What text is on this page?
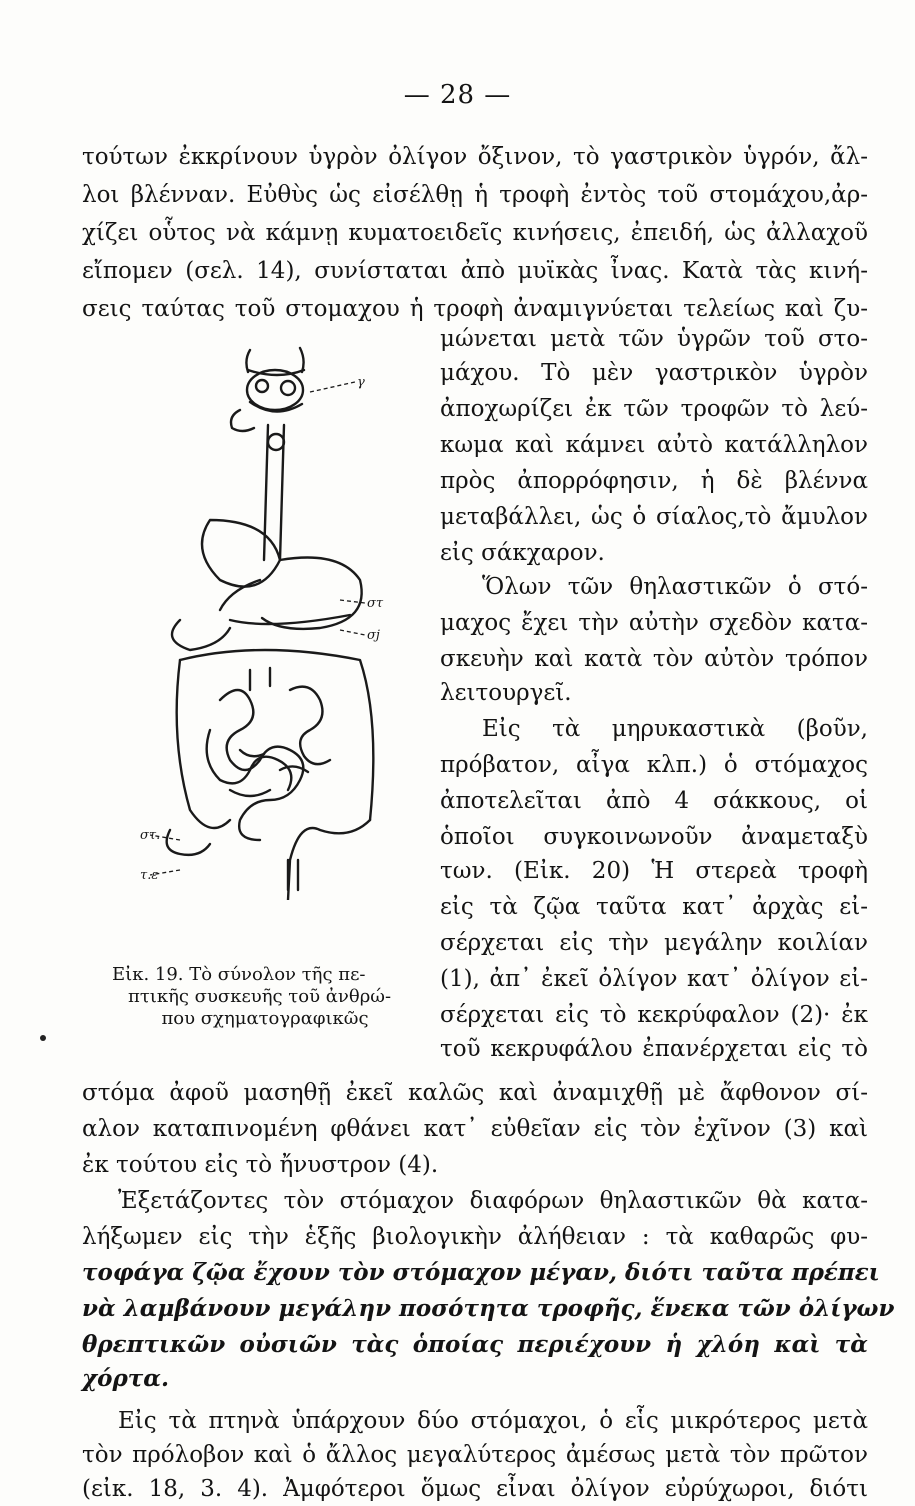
— 28 —
τούτων ἐκκρίνουν ὑγρὸν ὀλίγον ὄξινον, τὸ γαστρικὸν ὑγρόν, ἄλ-
λοι βλένναν. Εὐθὺς ὡς εἰσέλθῃ ἡ τροφὴ ἐντὸς τοῦ στομάχου,ἀρ-
χίζει οὗτος νὰ κάμνῃ κυματοειδεῖς κινήσεις, ἐπειδή, ὡς ἀλλαχοῦ
εἴπομεν (σελ. 14), συνίσταται ἀπὸ μυϊκὰς ἶνας. Κατὰ τὰς κινή-
σεις ταύτας τοῦ στομαχου ἡ τροφὴ ἀναμιγνύεται τελείως καὶ ζυ-
γ
στ
σj
στ.
τ.ε
μώνεται μετὰ τῶν ὑγρῶν τοῦ στο-
μάχου. Τὸ μὲν γαστρικὸν ὑγρὸν
ἀποχωρίζει ἐκ τῶν τροφῶν τὸ λεύ-
κωμα καὶ κάμνει αὐτὸ κατάλληλον
πρὸς ἀπορρόφησιν, ἡ δὲ βλέννα
μεταβάλλει, ὡς ὁ σίαλος,τὸ ἄμυλον
εἰς σάκχαρον.
Ὅλων τῶν θηλαστικῶν ὁ στό-
μαχος ἔχει τὴν αὐτὴν σχεδὸν κατα-
σκευὴν καὶ κατὰ τὸν αὐτὸν τρόπον
λειτουργεῖ.
Εἰς τὰ μηρυκαστικὰ (βοῦν,
πρόβατον, αἶγα κλπ.) ὁ στόμαχος
ἀποτελεῖται ἀπὸ 4 σάκκους, οἱ
ὁποῖοι συγκοινωνοῦν ἀναμεταξὺ
των. (Εἰκ. 20) Ἡ στερεὰ τροφὴ
εἰς τὰ ζῷα ταῦτα κατ᾽ ἀρχὰς εἰ-
σέρχεται εἰς τὴν μεγάλην κοιλίαν
(1), ἀπ᾽ ἐκεῖ ὀλίγον κατ᾽ ὀλίγον εἰ-
σέρχεται εἰς τὸ κεκρύφαλον (2)· ἐκ
τοῦ κεκρυφάλου ἐπανέρχεται εἰς τὸ
Εἰκ. 19. Τὸ σύνολον τῆς πε-
πτικῆς συσκευῆς τοῦ ἀνθρώ-
που σχηματογραφικῶς
στόμα ἀφοῦ μασηθῇ ἐκεῖ καλῶς καὶ ἀναμιχθῇ μὲ ἄφθονον σί-
αλον καταπινομένη φθάνει κατ᾽ εὐθεῖαν εἰς τὸν ἐχῖνον (3) καὶ
ἐκ τούτου εἰς τὸ ἤνυστρον (4).
Ἐξετάζοντες τὸν στόμαχον διαφόρων θηλαστικῶν θὰ κατα-
λήξωμεν εἰς τὴν ἑξῆς βιολογικὴν ἀλήθειαν : τὰ καθαρῶς φυ-
τοφάγα ζῷα ἔχουν τὸν στόμαχον μέγαν, διότι ταῦτα πρέπει
νὰ λαμβάνουν μεγάλην ποσότητα τροφῆς, ἕνεκα τῶν ὀλίγων
θρεπτικῶν οὐσιῶν τὰς ὁποίας περιέχουν ἡ χλόη καὶ τὰ
χόρτα.
Εἰς τὰ πτηνὰ ὑπάρχουν δύο στόμαχοι, ὁ εἷς μικρότερος μετὰ
τὸν πρόλοβον καὶ ὁ ἄλλος μεγαλύτερος ἀμέσως μετὰ τὸν πρῶτον
(εἰκ. 18, 3. 4). Ἀμφότεροι ὅμως εἶναι ὀλίγον εὐρύχωροι, διότι
